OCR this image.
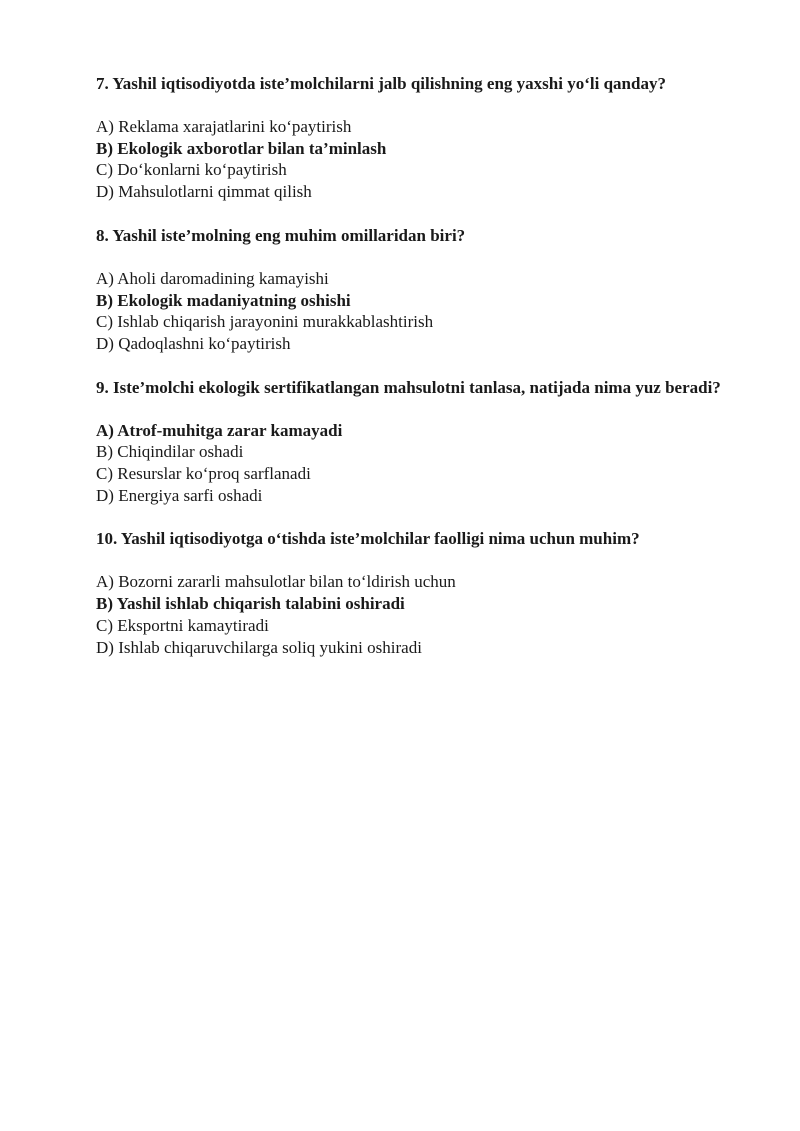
7. Yashil iqtisodiyotda iste’molchilarni jalb qilishning eng yaxshi yo‘li qanday?

A) Reklama xarajatlarini ko‘paytirish
B) Ekologik axborotlar bilan ta’minlash
C) Do‘konlarni ko‘paytirish
D) Mahsulotlarni qimmat qilish

8. Yashil iste’molning eng muhim omillaridan biri?

A) Aholi daromadining kamayishi
B) Ekologik madaniyatning oshishi
C) Ishlab chiqarish jarayonini murakkablashtirish
D) Qadoqlashni ko‘paytirish

9. Iste’molchi ekologik sertifikatlangan mahsulotni tanlasa, natijada nima yuz beradi?

A) Atrof-muhitga zarar kamayadi
B) Chiqindilar oshadi
C) Resurslar ko‘proq sarflanadi
D) Energiya sarfi oshadi

10. Yashil iqtisodiyotga o‘tishda iste’molchilar faolligi nima uchun muhim?

A) Bozorni zararli mahsulotlar bilan to‘ldirish uchun
B) Yashil ishlab chiqarish talabini oshiradi
C) Eksportni kamaytiradi
D) Ishlab chiqaruvchilarga soliq yukini oshiradi
